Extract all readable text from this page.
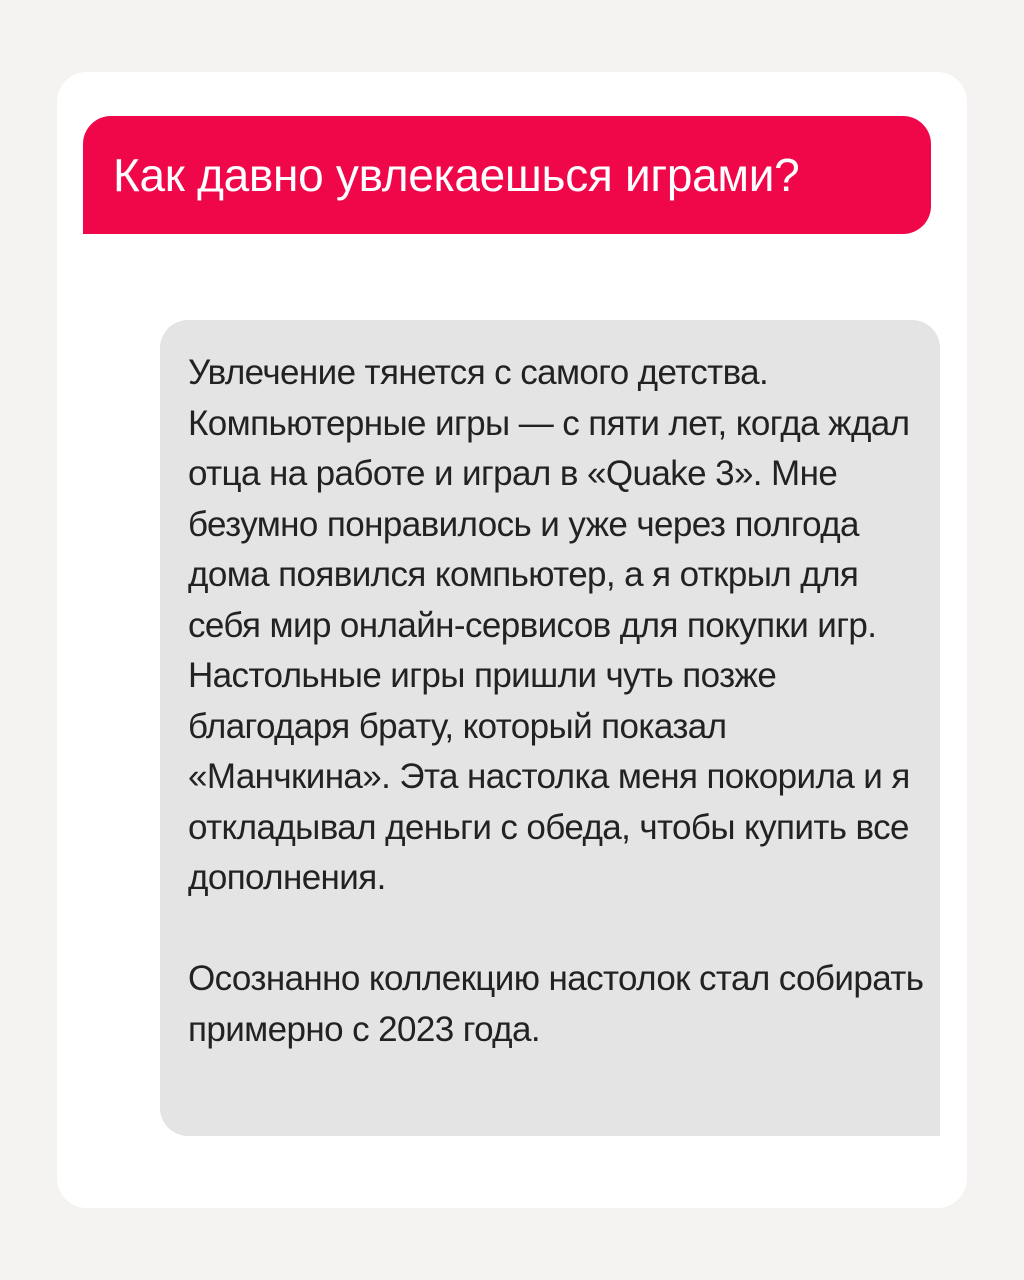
Как давно увлекаешься играми?

Увлечение тянется с самого детства. Компьютерные игры — с пяти лет, когда ждал отца на работе и играл в «Quake 3». Мне безумно понравилось и уже через полгода дома появился компьютер, а я открыл для себя мир онлайн-сервисов для покупки игр. Настольные игры пришли чуть позже благодаря брату, который показал «Манчкина». Эта настолка меня покорила и я откладывал деньги с обеда, чтобы купить все дополнения.

Осознанно коллекцию настолок стал собирать примерно с 2023 года.
